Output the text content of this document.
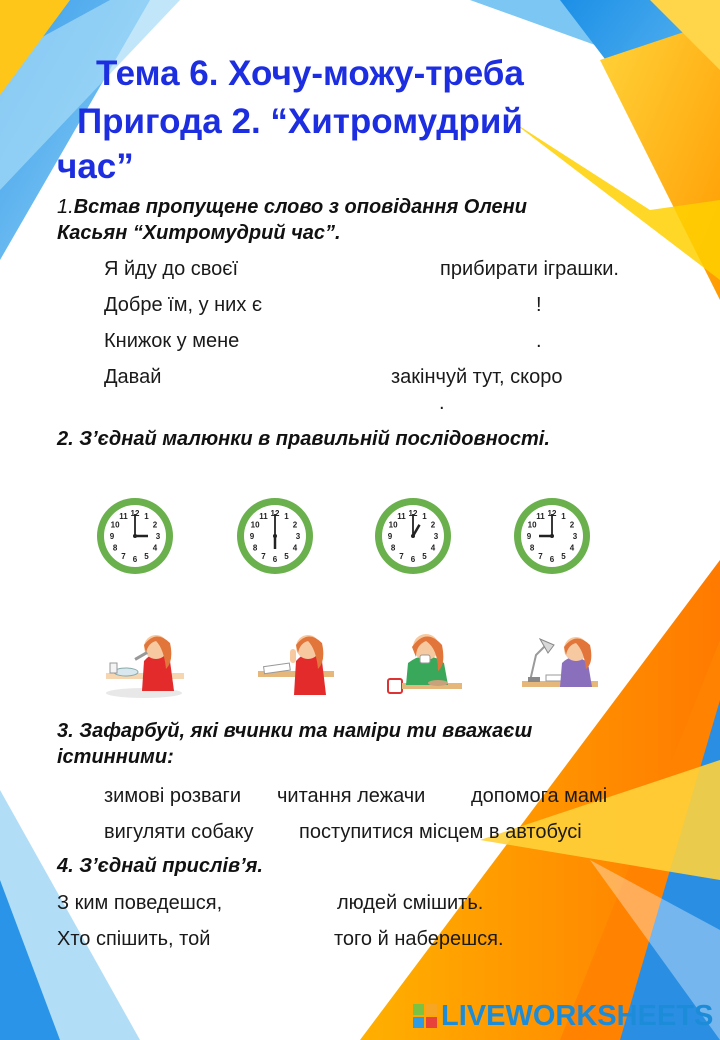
Тема 6. Хочу-можу-треба
Пригода 2. “Хитромудрий
час”
1.Встав пропущене слово з оповідання Олени
Касьян “Хитромудрий час”.
Я йду до своєї	прибирати іграшки.
Добре їм, у них є	!
Книжок у мене	.
Давай	закінчуй тут, скоро
.
2. З’єднай малюнки в правильній послідовності.
1
2
3
4
5
6
7
8
9
10
11 12	1
2
3
4
5
6
7
8
9
10
11 12	1
2
3
4
5
6
7
8
9
10
11 12	1
2
3
4
5
6
7
8
9
10
11 12
3. Зафарбуй, які вчинки та наміри ти вважаєш
істинними:
зимові розваги читання лежачи допомога мамі
вигуляти собаку поступитися місцем в автобусі
4. З’єднай прислів’я.
З ким поведешся,	людей смішить.
Хто спішить, той	того й наберешся.
LIVEWORKSHEETS
